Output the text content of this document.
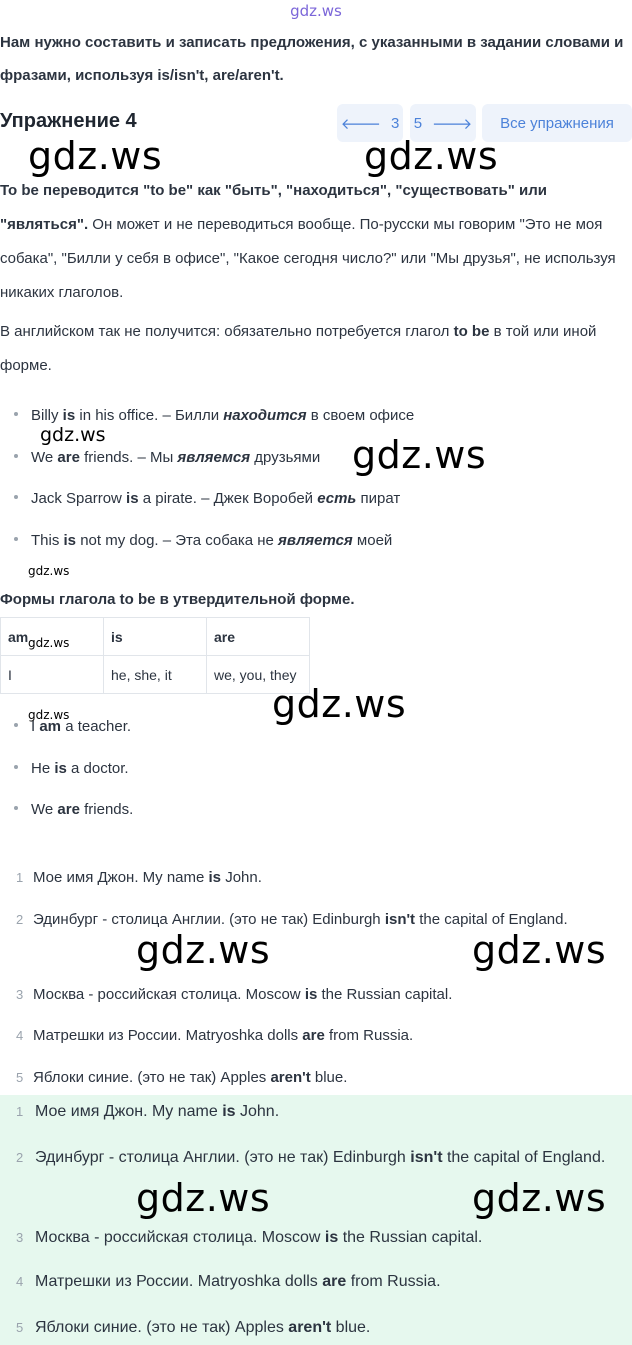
gdz.ws
Нам нужно составить и записать предложения, с указанными в задании словами и фразами, используя is/isn't, are/aren't.
Упражнение 4	🡐 3 5 🡒 Все упражнения
gdz.ws	gdz.ws
To be переводится "to be" как "быть", "находиться", "существовать" или "являться". Он может и не переводиться вообще. По-русски мы говорим "Это не моя собака", "Билли у себя в офисе", "Какое сегодня число?" или "Мы друзья", не используя никаких глаголов.
В английском так не получится: обязательно потребуется глагол to be в той или иной форме.
Billy is in his office. – Билли находится в своем офисе
gdz.ws
We are friends. – Мы являемся друзьями gdz.ws
Jack Sparrow is a pirate. – Джек Воробей есть пират
This is not my dog. – Эта собака не является моей
gdz.ws
Формы глагола to be в утвердительной форме.
am	is	are
I	he, she, it	we, you, they
gdz.ws
gdz.ws
gdz.ws
I am a teacher.
He is a doctor.
We are friends.
1 Мое имя Джон. My name is John.
2 Эдинбург - столица Англии. (это не так) Edinburgh isn't the capital of England.
gdz.ws	gdz.ws
3 Москва - российская столица. Moscow is the Russian capital.
4 Матрешки из России. Matryoshka dolls are from Russia.
5 Яблоки синие. (это не так) Apples aren't blue.
1 Мое имя Джон. My name is John.
2 Эдинбург - столица Англии. (это не так) Edinburgh isn't the capital of England.
gdz.ws	gdz.ws
3 Москва - российская столица. Moscow is the Russian capital.
4 Матрешки из России. Matryoshka dolls are from Russia.
5 Яблоки синие. (это не так) Apples aren't blue.
